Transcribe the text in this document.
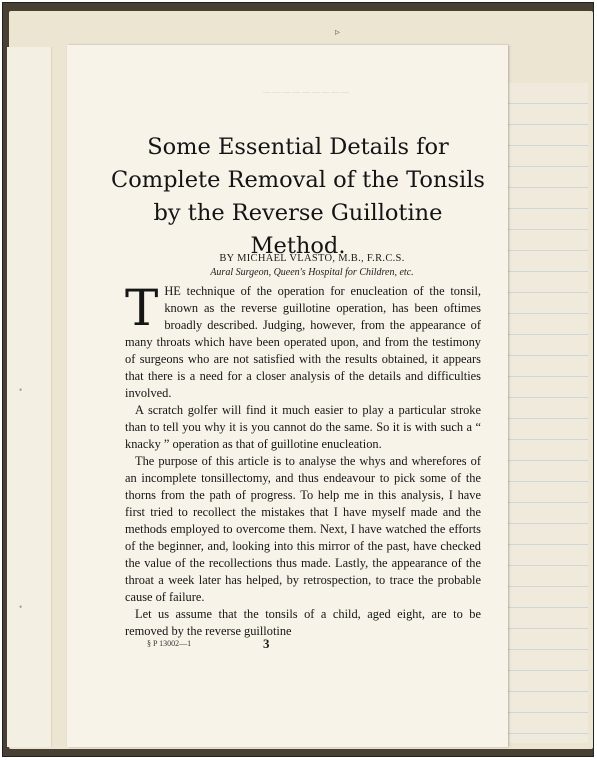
▹
•
•
─────────
Some Essential Details for Complete Removal of the Tonsils by the Reverse Guillotine Method.
BY MICHAEL VLASTO, M.B., F.R.C.S.
Aural Surgeon, Queen's Hospital for Children, etc.

THE technique of the operation for enucleation of the tonsil, known as the reverse guillotine operation, has been oftimes broadly described. Judging, however, from the appearance of many throats which have been operated upon, and from the testimony of surgeons who are not satisfied with the results obtained, it appears that there is a need for a closer analysis of the details and difficulties involved.

A scratch golfer will find it much easier to play a particular stroke than to tell you why it is you cannot do the same. So it is with such a “ knacky ” operation as that of guillotine enucleation.

The purpose of this article is to analyse the whys and wherefores of an incomplete tonsillectomy, and thus endeavour to pick some of the thorns from the path of progress. To help me in this analysis, I have first tried to recollect the mistakes that I have myself made and the methods employed to overcome them. Next, I have watched the efforts of the beginner, and, looking into this mirror of the past, have checked the value of the recollections thus made. Lastly, the appearance of the throat a week later has helped, by retrospection, to trace the probable cause of failure.

Let us assume that the tonsils of a child, aged eight, are to be removed by the reverse guillotine

§ P 13002—1	3
